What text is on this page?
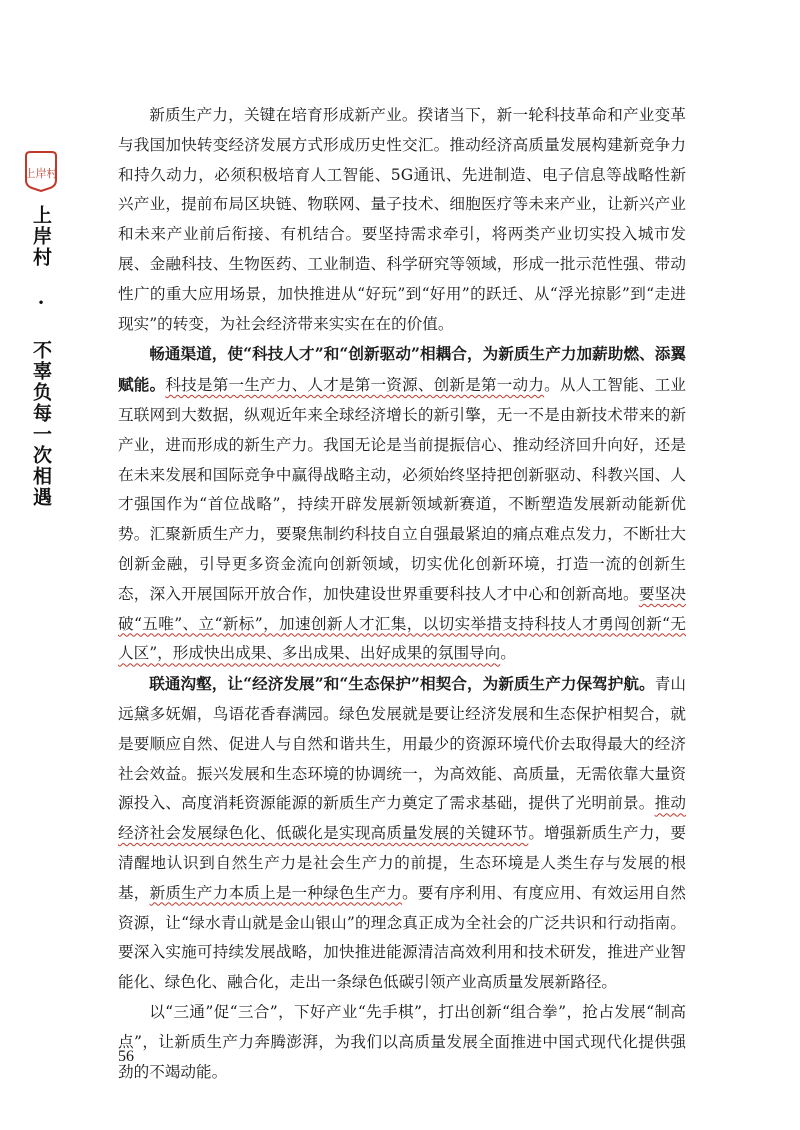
上岸村
上岸村 · 不辜负每一次相遇

新质生产力，关键在培育形成新产业。揆诸当下，新一轮科技革命和产业变革与我国加快转变经济发展方式形成历史性交汇。推动经济高质量发展构建新竞争力和持久动力，必须积极培育人工智能、5G通讯、先进制造、电子信息等战略性新兴产业，提前布局区块链、物联网、量子技术、细胞医疗等未来产业，让新兴产业和未来产业前后衔接、有机结合。要坚持需求牵引，将两类产业切实投入城市发展、金融科技、生物医药、工业制造、科学研究等领域，形成一批示范性强、带动性广的重大应用场景，加快推进从“好玩”到“好用”的跃迁、从“浮光掠影”到“走进现实”的转变，为社会经济带来实实在在的价值。

畅通渠道，使“科技人才”和“创新驱动”相耦合，为新质生产力加薪助燃、添翼赋能。科技是第一生产力、人才是第一资源、创新是第一动力。从人工智能、工业互联网到大数据，纵观近年来全球经济增长的新引擎，无一不是由新技术带来的新产业，进而形成的新生产力。我国无论是当前提振信心、推动经济回升向好，还是在未来发展和国际竞争中赢得战略主动，必须始终坚持把创新驱动、科教兴国、人才强国作为“首位战略”，持续开辟发展新领域新赛道，不断塑造发展新动能新优势。汇聚新质生产力，要聚焦制约科技自立自强最紧迫的痛点难点发力，不断壮大创新金融，引导更多资金流向创新领域，切实优化创新环境，打造一流的创新生态，深入开展国际开放合作，加快建设世界重要科技人才中心和创新高地。要坚决破“五唯”、立“新标”，加速创新人才汇集，以切实举措支持科技人才勇闯创新“无人区”，形成快出成果、多出成果、出好成果的氛围导向。

联通沟壑，让“经济发展”和“生态保护”相契合，为新质生产力保驾护航。青山远黛多妩媚，鸟语花香春满园。绿色发展就是要让经济发展和生态保护相契合，就是要顺应自然、促进人与自然和谐共生，用最少的资源环境代价去取得最大的经济社会效益。振兴发展和生态环境的协调统一，为高效能、高质量，无需依靠大量资源投入、高度消耗资源能源的新质生产力奠定了需求基础，提供了光明前景。推动经济社会发展绿色化、低碳化是实现高质量发展的关键环节。增强新质生产力，要清醒地认识到自然生产力是社会生产力的前提，生态环境是人类生存与发展的根基，新质生产力本质上是一种绿色生产力。要有序利用、有度应用、有效运用自然资源，让“绿水青山就是金山银山”的理念真正成为全社会的广泛共识和行动指南。要深入实施可持续发展战略，加快推进能源清洁高效利用和技术研发，推进产业智能化、绿色化、融合化，走出一条绿色低碳引领产业高质量发展新路径。

以“三通”促“三合”，下好产业“先手棋”，打出创新“组合拳”，抢占发展“制高点”，让新质生产力奔腾澎湃，为我们以高质量发展全面推进中国式现代化提供强劲的不竭动能。

56
